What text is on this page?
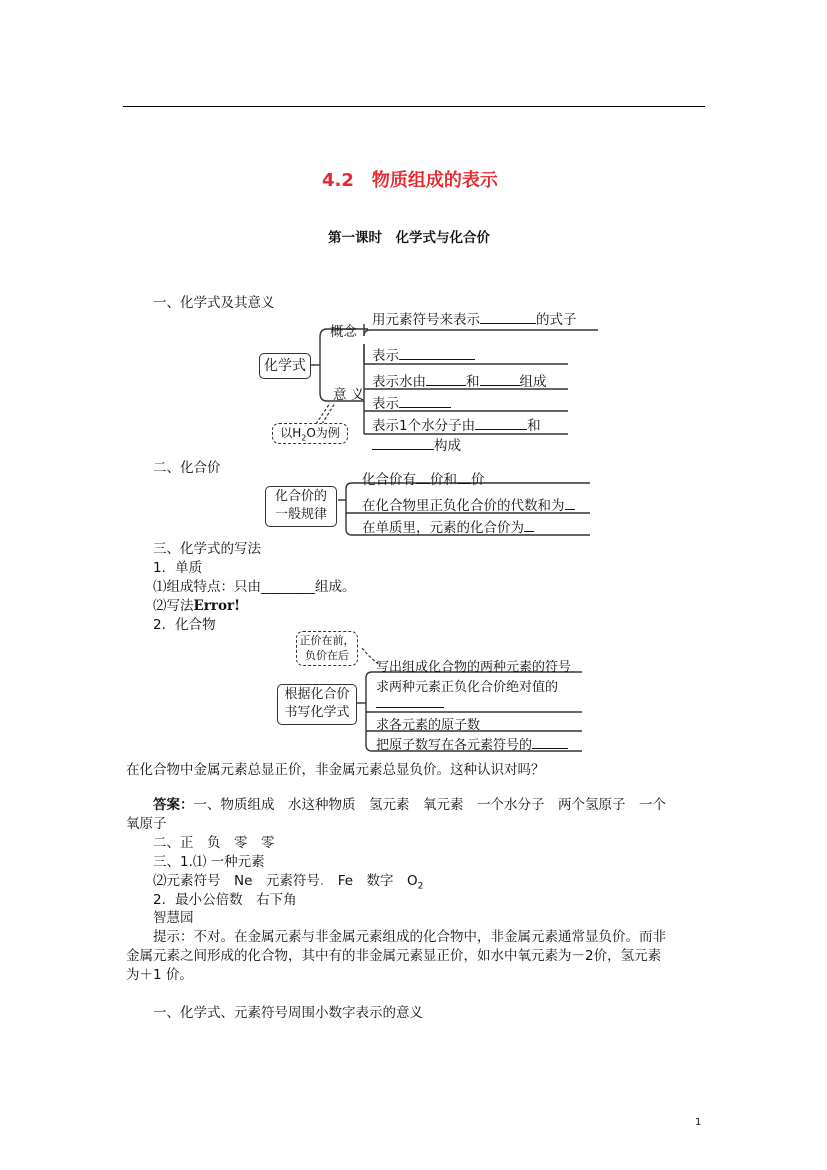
4.2　物质组成的表示
第一课时　化学式与化合价
一、化学式及其意义
化学式
概念
用元素符号来表示	的式子
意 义
表示
表示水由	和	组成
表示
表示1个水分子由	和
构成
以$H_2O$为例
二、化合价
化合价的
一般规律
化合价有 价和 价
在化合物里正负化合价的代数和为
在单质里，元素的化合价为
三、化学式的写法
1．单质
⑴组成特点：只由________组成。
⑵写法Error!
2．化合物
正价在前，
负价在后
根据化合价
书写化学式
写出组成化合物的两种元素的符号
求两种元素正负化合价绝对值的
求各元素的原子数
把原子数写在各元素符号的
在化合物中金属元素总显正价，非金属元素总显负价。这种认识对吗？
答案：一、物质组成　水这种物质　氢元素　氧元素　一个水分子　两个氢原子　一个
氧原子
二、正　负　零　零
三、1.⑴ 一种元素
⑵元素符号　Ne　元素符号.　Fe　数字　$O_2$
2．最小公倍数　右下角
智慧园
提示：不对。在金属元素与非金属元素组成的化合物中，非金属元素通常显负价。而非
金属元素之间形成的化合物，其中有的非金属元素显正价，如水中氧元素为－2价，氢元素
为＋1 价。
一、化学式、元素符号周围小数字表示的意义
1
